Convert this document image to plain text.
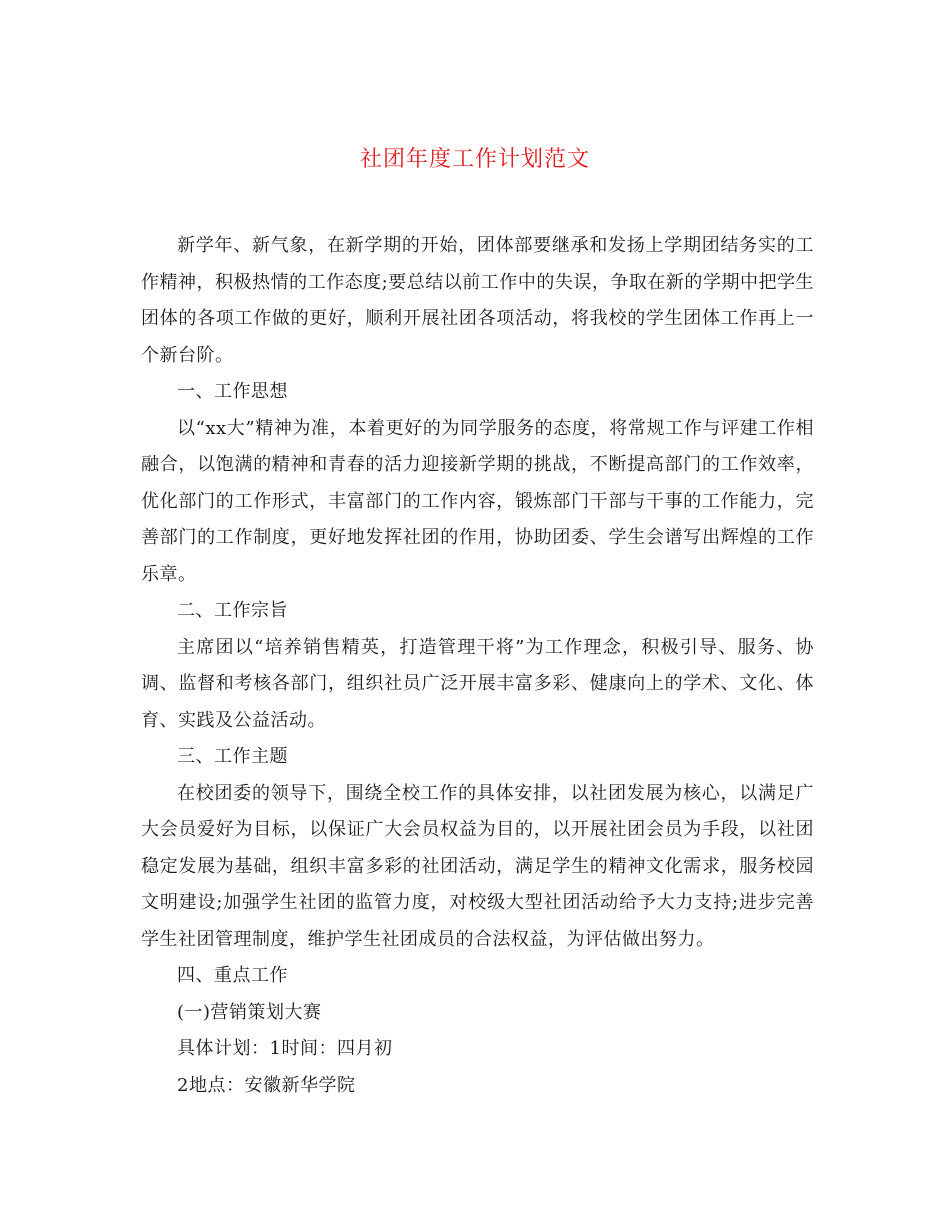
社团年度工作计划范文

新学年、新气象，在新学期的开始，团体部要继承和发扬上学期团结务实的工作精神，积极热情的工作态度;要总结以前工作中的失误，争取在新的学期中把学生团体的各项工作做的更好，顺利开展社团各项活动，将我校的学生团体工作再上一个新台阶。

一、工作思想

以“xx大”精神为准，本着更好的为同学服务的态度，将常规工作与评建工作相融合，以饱满的精神和青春的活力迎接新学期的挑战，不断提高部门的工作效率，优化部门的工作形式，丰富部门的工作内容，锻炼部门干部与干事的工作能力，完善部门的工作制度，更好地发挥社团的作用，协助团委、学生会谱写出辉煌的工作乐章。

二、工作宗旨

主席团以“培养销售精英，打造管理干将”为工作理念，积极引导、服务、协调、监督和考核各部门，组织社员广泛开展丰富多彩、健康向上的学术、文化、体育、实践及公益活动。

三、工作主题

在校团委的领导下，围绕全校工作的具体安排，以社团发展为核心，以满足广大会员爱好为目标，以保证广大会员权益为目的，以开展社团会员为手段，以社团稳定发展为基础，组织丰富多彩的社团活动，满足学生的精神文化需求，服务校园文明建设;加强学生社团的监管力度，对校级大型社团活动给予大力支持;进步完善学生社团管理制度，维护学生社团成员的合法权益，为评估做出努力。

四、重点工作

(一)营销策划大赛

具体计划：1时间：四月初

2地点：安徽新华学院
